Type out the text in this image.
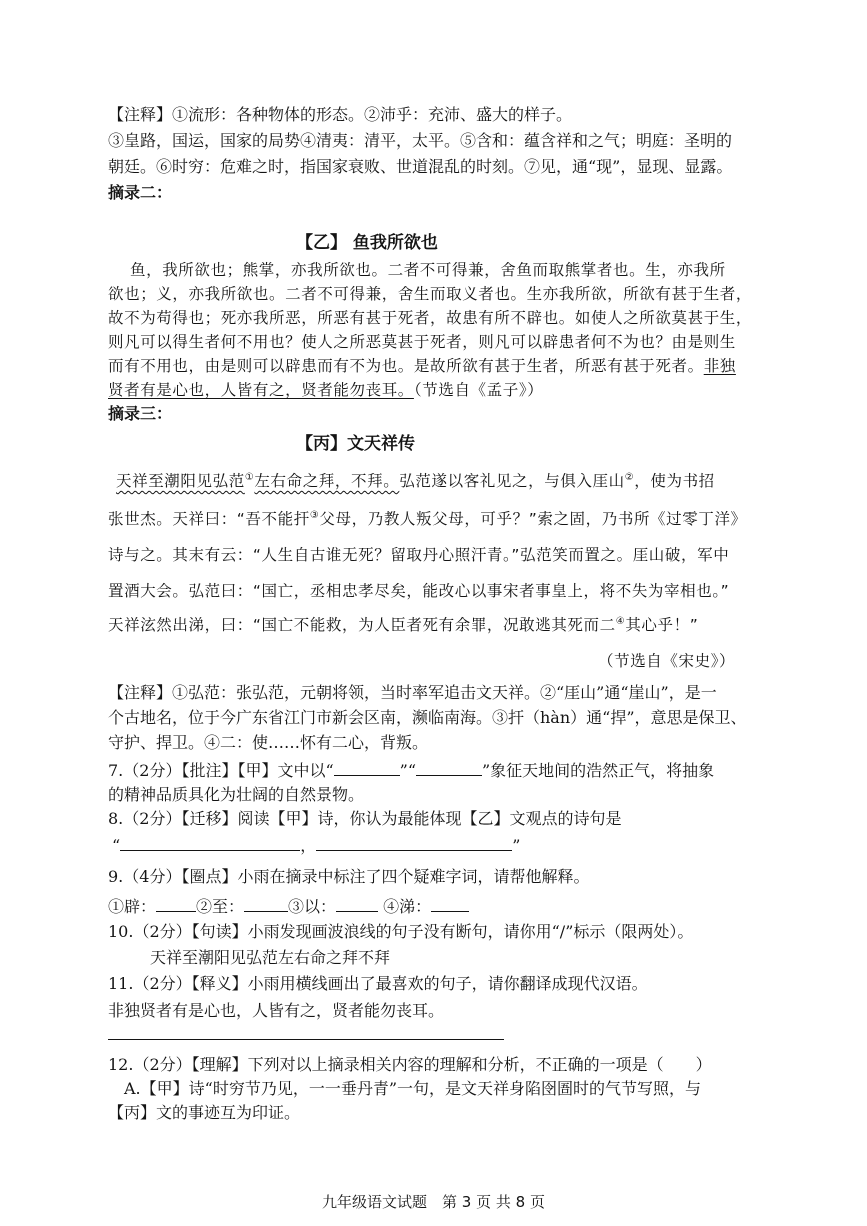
【注释】①流形：各种物体的形态。②沛乎：充沛、盛大的样子。
③皇路，国运，国家的局势④清夷：清平，太平。⑤含和：蕴含祥和之气；明庭：圣明的
朝廷。⑥时穷：危难之时，指国家衰败、世道混乱的时刻。⑦见，通“现”，显现、显露。
摘录二：
【乙】 鱼我所欲也
鱼，我所欲也；熊掌，亦我所欲也。二者不可得兼，舍鱼而取熊掌者也。生，亦我所
欲也；义，亦我所欲也。二者不可得兼，舍生而取义者也。生亦我所欲，所欲有甚于生者，
故不为苟得也；死亦我所恶，所恶有甚于死者，故患有所不辟也。如使人之所欲莫甚于生，
则凡可以得生者何不用也？使人之所恶莫甚于死者，则凡可以辟患者何不为也？由是则生
而有不用也，由是则可以辟患而有不为也。是故所欲有甚于生者，所恶有甚于死者。非独
贤者有是心也，人皆有之，贤者能勿丧耳。（节选自《孟子》）
摘录三：
【丙】文天祥传
天祥至潮阳见弘范①左右命之拜，不拜。弘范遂以客礼见之，与俱入厓山②，使为书招
张世杰。天祥曰：“吾不能扞③父母，乃教人叛父母，可乎？”索之固，乃书所《过零丁洋》
诗与之。其末有云：“人生自古谁无死？留取丹心照汗青。”弘范笑而置之。厓山破，军中
置酒大会。弘范曰：“国亡，丞相忠孝尽矣，能改心以事宋者事皇上，将不失为宰相也。”
天祥泫然出涕，曰：“国亡不能救，为人臣者死有余罪，况敢逃其死而二④其心乎！”
（节选自《宋史》）
【注释】①弘范：张弘范，元朝将领，当时率军追击文天祥。②“厓山”通“崖山”，是一
个古地名，位于今广东省江门市新会区南，濒临南海。③扞（hàn）通“捍”，意思是保卫、
守护、捍卫。④二：使……怀有二心，背叛。
7.（2分）【批注】【甲】文中以“	”“	”象征天地间的浩然正气，将抽象
的精神品质具化为壮阔的自然景物。
8.（2分）【迁移】阅读【甲】诗，你认为最能体现【乙】文观点的诗句是
“	，	”
9.（4分）【圈点】小雨在摘录中标注了四个疑难字词，请帮他解释。
①辟：	②至：	③以：	④涕：
10.（2分）【句读】小雨发现画波浪线的句子没有断句，请你用“/”标示（限两处）。
天祥至潮阳见弘范左右命之拜不拜
11.（2分）【释义】小雨用横线画出了最喜欢的句子，请你翻译成现代汉语。
非独贤者有是心也，人皆有之，贤者能勿丧耳。
12.（2分）【理解】下列对以上摘录相关内容的理解和分析，不正确的一项是（　　）
A.【甲】诗“时穷节乃见，一一垂丹青”一句，是文天祥身陷囹圄时的气节写照，与
【丙】文的事迹互为印证。
九年级语文试题　第 3 页 共 8 页
